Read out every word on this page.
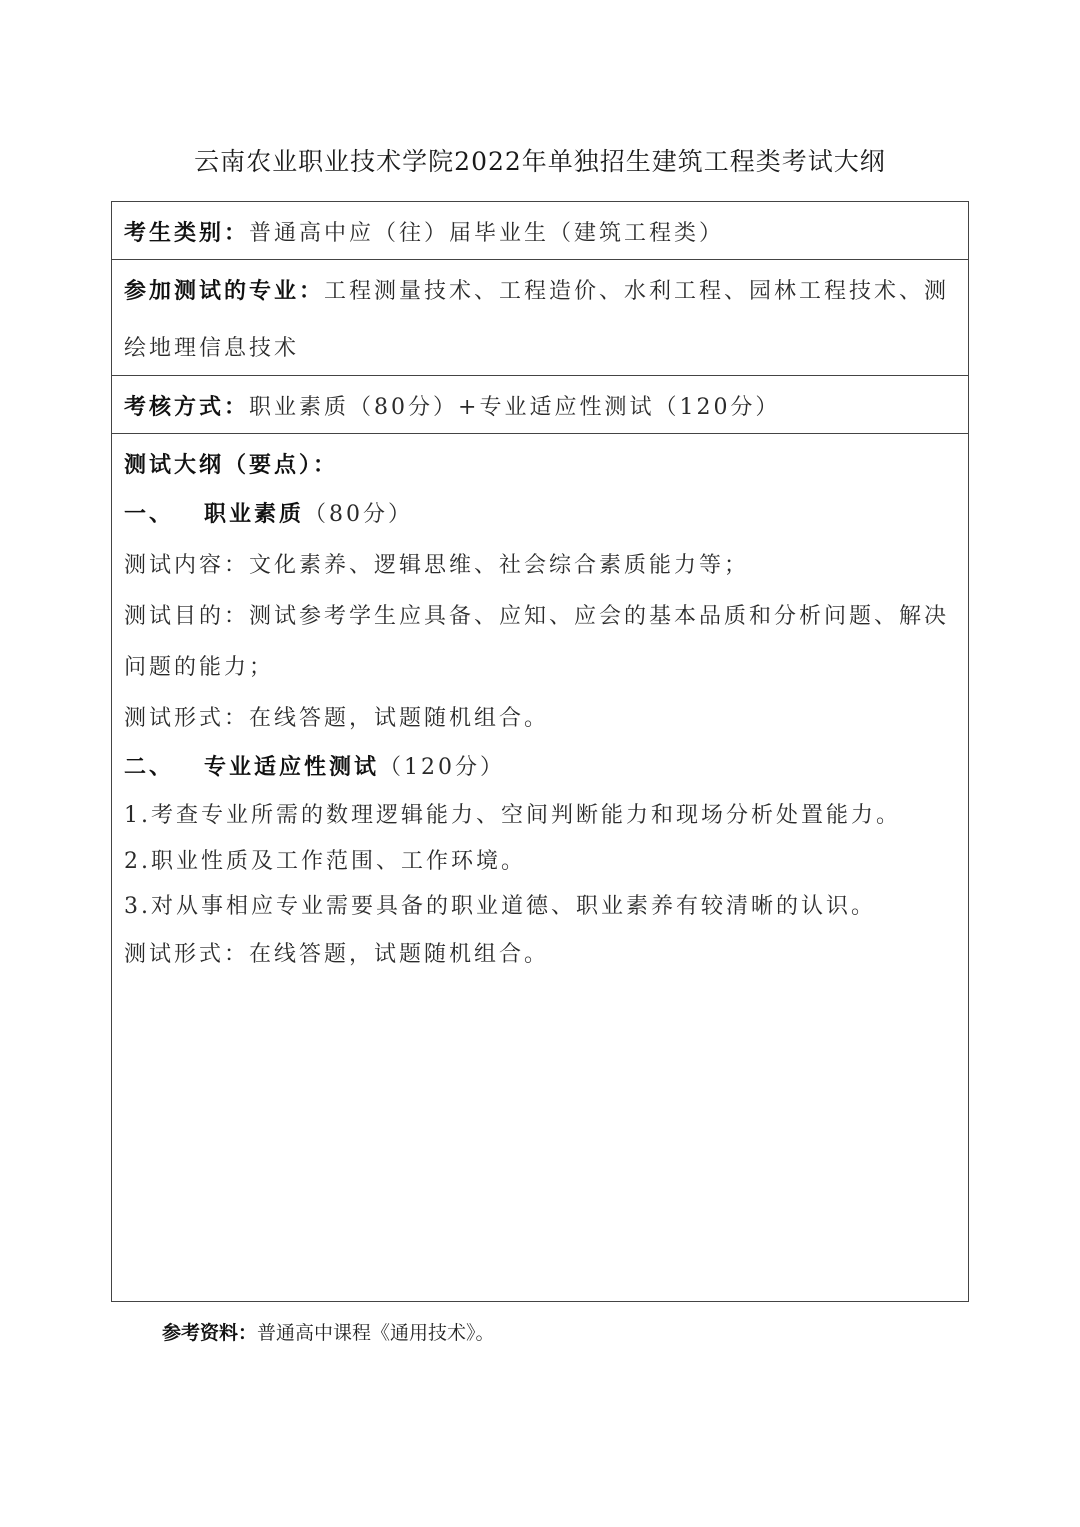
云南农业职业技术学院2022年单独招生建筑工程类考试大纲
考生类别：普通高中应（往）届毕业生（建筑工程类）
参加测试的专业：工程测量技术、工程造价、水利工程、园林工程技术、测
绘地理信息技术
考核方式：职业素质（80分）+专业适应性测试（120分）
测试大纲（要点）：
一、 职业素质（80分）
测试内容：文化素养、逻辑思维、社会综合素质能力等；
测试目的：测试参考学生应具备、应知、应会的基本品质和分析问题、解决
问题的能力；
测试形式：在线答题，试题随机组合。
二、 专业适应性测试（120分）
1.考查专业所需的数理逻辑能力、空间判断能力和现场分析处置能力。
2.职业性质及工作范围、工作环境。
3.对从事相应专业需要具备的职业道德、职业素养有较清晰的认识。
测试形式：在线答题，试题随机组合。
参考资料：普通高中课程《通用技术》。
